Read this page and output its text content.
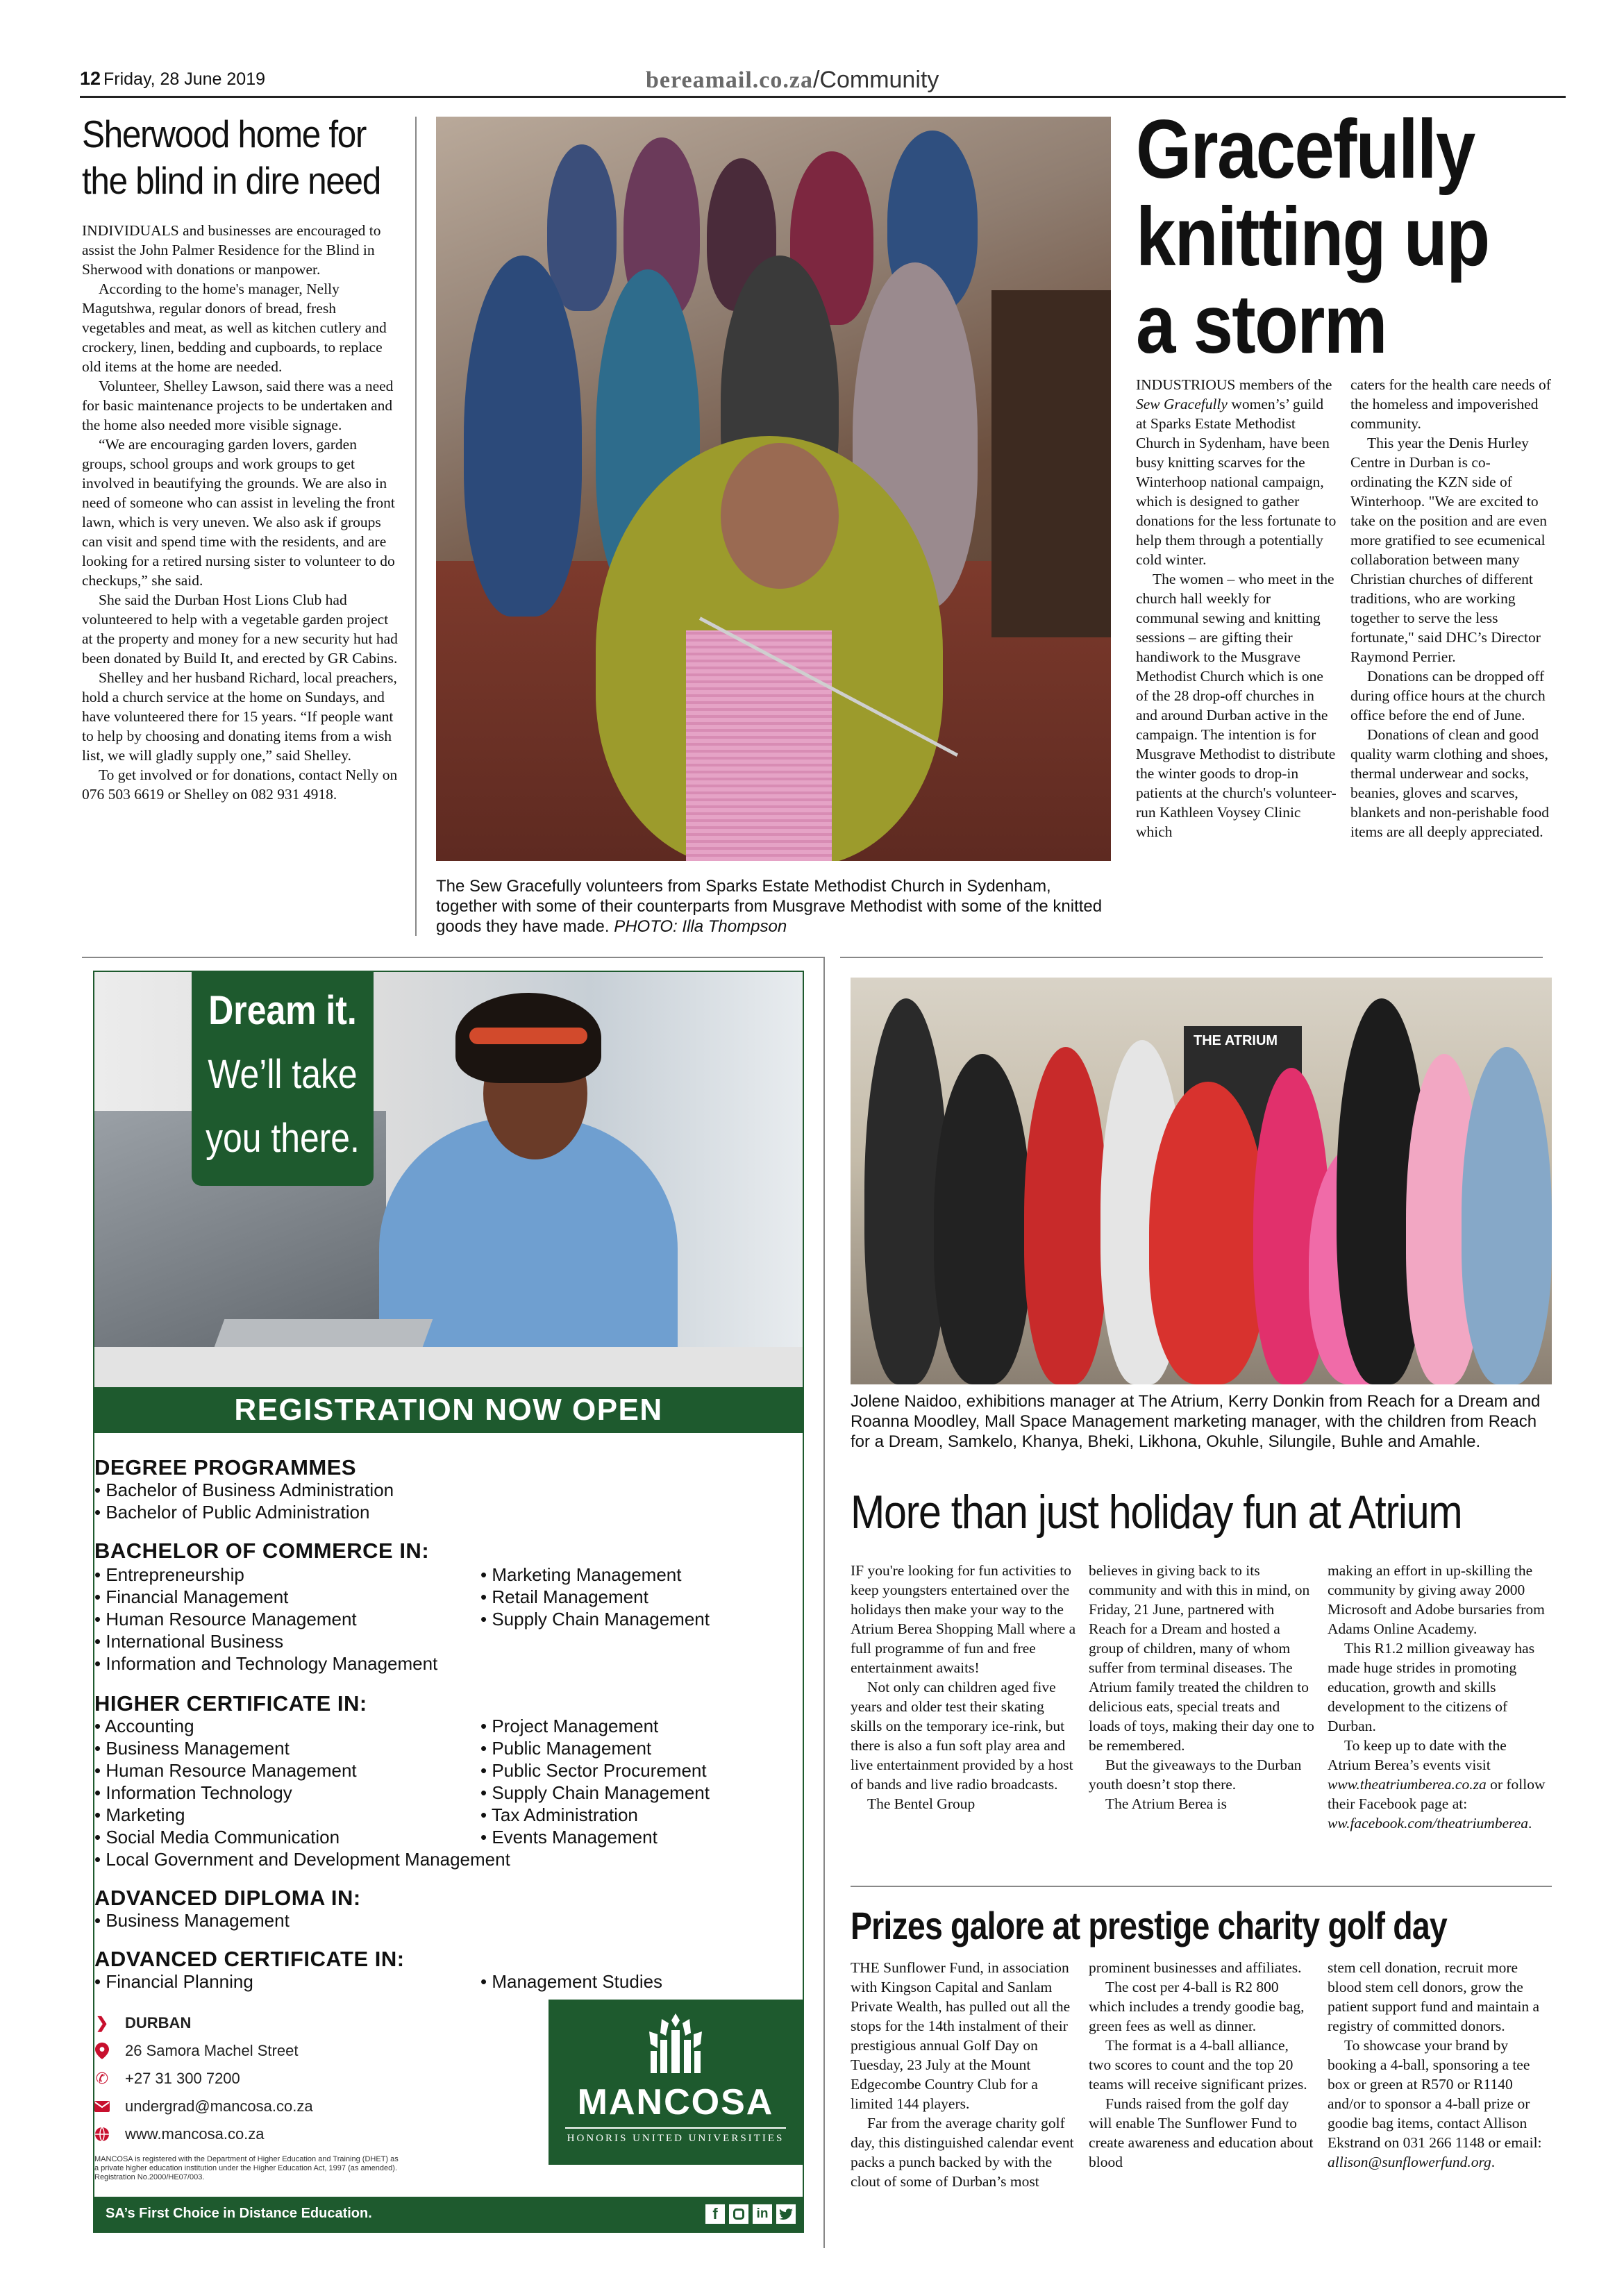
12 Friday, 28 June 2019	bereamail.co.za/Community
Sherwood home for
the blind in dire need

INDIVIDUALS and businesses are encouraged to assist the John Palmer Residence for the Blind in Sherwood with donations or manpower.

According to the home's manager, Nelly Magutshwa, regular donors of bread, fresh vegetables and meat, as well as kitchen cutlery and crockery, linen, bedding and cupboards, to replace old items at the home are needed.

Volunteer, Shelley Lawson, said there was a need for basic maintenance projects to be undertaken and the home also needed more visible signage.

“We are encouraging garden lovers, garden groups, school groups and work groups to get involved in beautifying the grounds. We are also in need of someone who can assist in leveling the front lawn, which is very uneven. We also ask if groups can visit and spend time with the residents, and are looking for a retired nursing sister to volunteer to do checkups,” she said.

She said the Durban Host Lions Club had volunteered to help with a vegetable garden project at the property and money for a new security hut had been donated by Build It, and erected by GR Cabins.

Shelley and her husband Richard, local preachers, hold a church service at the home on Sundays, and have volunteered there for 15 years. “If people want to help by choosing and donating items from a wish list, we will gladly supply one,” said Shelley.

To get involved or for donations, contact Nelly on 076 503 6619 or Shelley on 082 931 4918.

The Sew Gracefully volunteers from Sparks Estate Methodist Church in Sydenham, together with some of their counterparts from Musgrave Methodist with some of the knitted goods they have made. PHOTO: Illa Thompson
Gracefully
knitting up
a storm

INDUSTRIOUS members of the Sew Gracefully women’s’ guild at Sparks Estate Methodist Church in Sydenham, have been busy knitting scarves for the Winterhoop national campaign, which is designed to gather donations for the less fortunate to help them through a potentially cold winter.

The women – who meet in the church hall weekly for communal sewing and knitting sessions – are gifting their handiwork to the Musgrave Methodist Church which is one of the 28 drop-off churches in and around Durban active in the campaign. The intention is for Musgrave Methodist to distribute the winter goods to drop-in patients at the church's volunteer-run Kathleen Voysey Clinic which

caters for the health care needs of the homeless and impoverished community.

This year the Denis Hurley Centre in Durban is co-ordinating the KZN side of Winterhoop. "We are excited to take on the position and are even more gratified to see ecumenical collaboration between many Christian churches of different traditions, who are working together to serve the less fortunate," said DHC’s Director Raymond Perrier.

Donations can be dropped off during office hours at the church office before the end of June.

Donations of clean and good quality warm clothing and shoes, thermal underwear and socks, beanies, gloves and scarves, blankets and non-perishable food items are all deeply appreciated.

Dream it.
We’ll take
you there.
REGISTRATION NOW OPEN
DEGREE PROGRAMMES
• Bachelor of Business Administration
• Bachelor of Public Administration
BACHELOR OF COMMERCE IN:
• Entrepreneurship
• Financial Management
• Human Resource Management
• International Business
• Information and Technology Management
• Marketing Management
• Retail Management
• Supply Chain Management
HIGHER CERTIFICATE IN:
• Accounting
• Business Management
• Human Resource Management
• Information Technology
• Marketing
• Social Media Communication
• Local Government and Development Management
• Project Management
• Public Management
• Public Sector Procurement
• Supply Chain Management
• Tax Administration
• Events Management
ADVANCED DIPLOMA IN:
• Business Management
ADVANCED CERTIFICATE IN:
• Financial Planning	• Management Studies
❯ DURBAN
26 Samora Machel Street
✆ +27 31 300 7200
undergrad@mancosa.co.za
www.mancosa.co.za
MANCOSA is registered with the Department of Higher Education and Training (DHET) as a private higher education institution under the Higher Education Act, 1997 (as amended). Registration No.2000/HE07/003.
MANCOSA
HONORIS UNITED UNIVERSITIES
SA’s First Choice in Distance Education.	f	in
THE ATRIUM
Jolene Naidoo, exhibitions manager at The Atrium, Kerry Donkin from Reach for a Dream and Roanna Moodley, Mall Space Management marketing manager, with the children from Reach for a Dream, Samkelo, Khanya, Bheki, Likhona, Okuhle, Silungile, Buhle and Amahle.
More than just holiday fun at Atrium

IF you're looking for fun activities to keep youngsters entertained over the holidays then make your way to the Atrium Berea Shopping Mall where a full programme of fun and free entertainment awaits!

Not only can children aged five years and older test their skating skills on the temporary ice-rink, but there is also a fun soft play area and live entertainment provided by a host of bands and live radio broadcasts.

The Bentel Group

believes in giving back to its community and with this in mind, on Friday, 21 June, partnered with Reach for a Dream and hosted a group of children, many of whom suffer from terminal diseases. The Atrium family treated the children to delicious eats, special treats and loads of toys, making their day one to be remembered.

But the giveaways to the Durban youth doesn’t stop there.

The Atrium Berea is

making an effort in up-skilling the community by giving away 2000 Microsoft and Adobe bursaries from Adams Online Academy.

This R1.2 million giveaway has made huge strides in promoting education, growth and skills development to the citizens of Durban.

To keep up to date with the Atrium Berea’s events visit www.theatriumberea.co.za or follow their Facebook page at: ww.facebook.com/theatriumberea.

Prizes galore at prestige charity golf day

THE Sunflower Fund, in association with Kingson Capital and Sanlam Private Wealth, has pulled out all the stops for the 14th instalment of their prestigious annual Golf Day on Tuesday, 23 July at the Mount Edgecombe Country Club for a limited 144 players.

Far from the average charity golf day, this distinguished calendar event packs a punch backed by with the clout of some of Durban’s most

prominent businesses and affiliates.

The cost per 4-ball is R2 800 which includes a trendy goodie bag, green fees as well as dinner.

The format is a 4-ball alliance, two scores to count and the top 20 teams will receive significant prizes.

Funds raised from the golf day will enable The Sunflower Fund to create awareness and education about blood

stem cell donation, recruit more blood stem cell donors, grow the patient support fund and maintain a registry of committed donors.

To showcase your brand by booking a 4-ball, sponsoring a tee box or green at R570 or R1140 and/or to sponsor a 4-ball prize or goodie bag items, contact Allison Ekstrand on 031 266 1148 or email: allison@sunflowerfund.org.
